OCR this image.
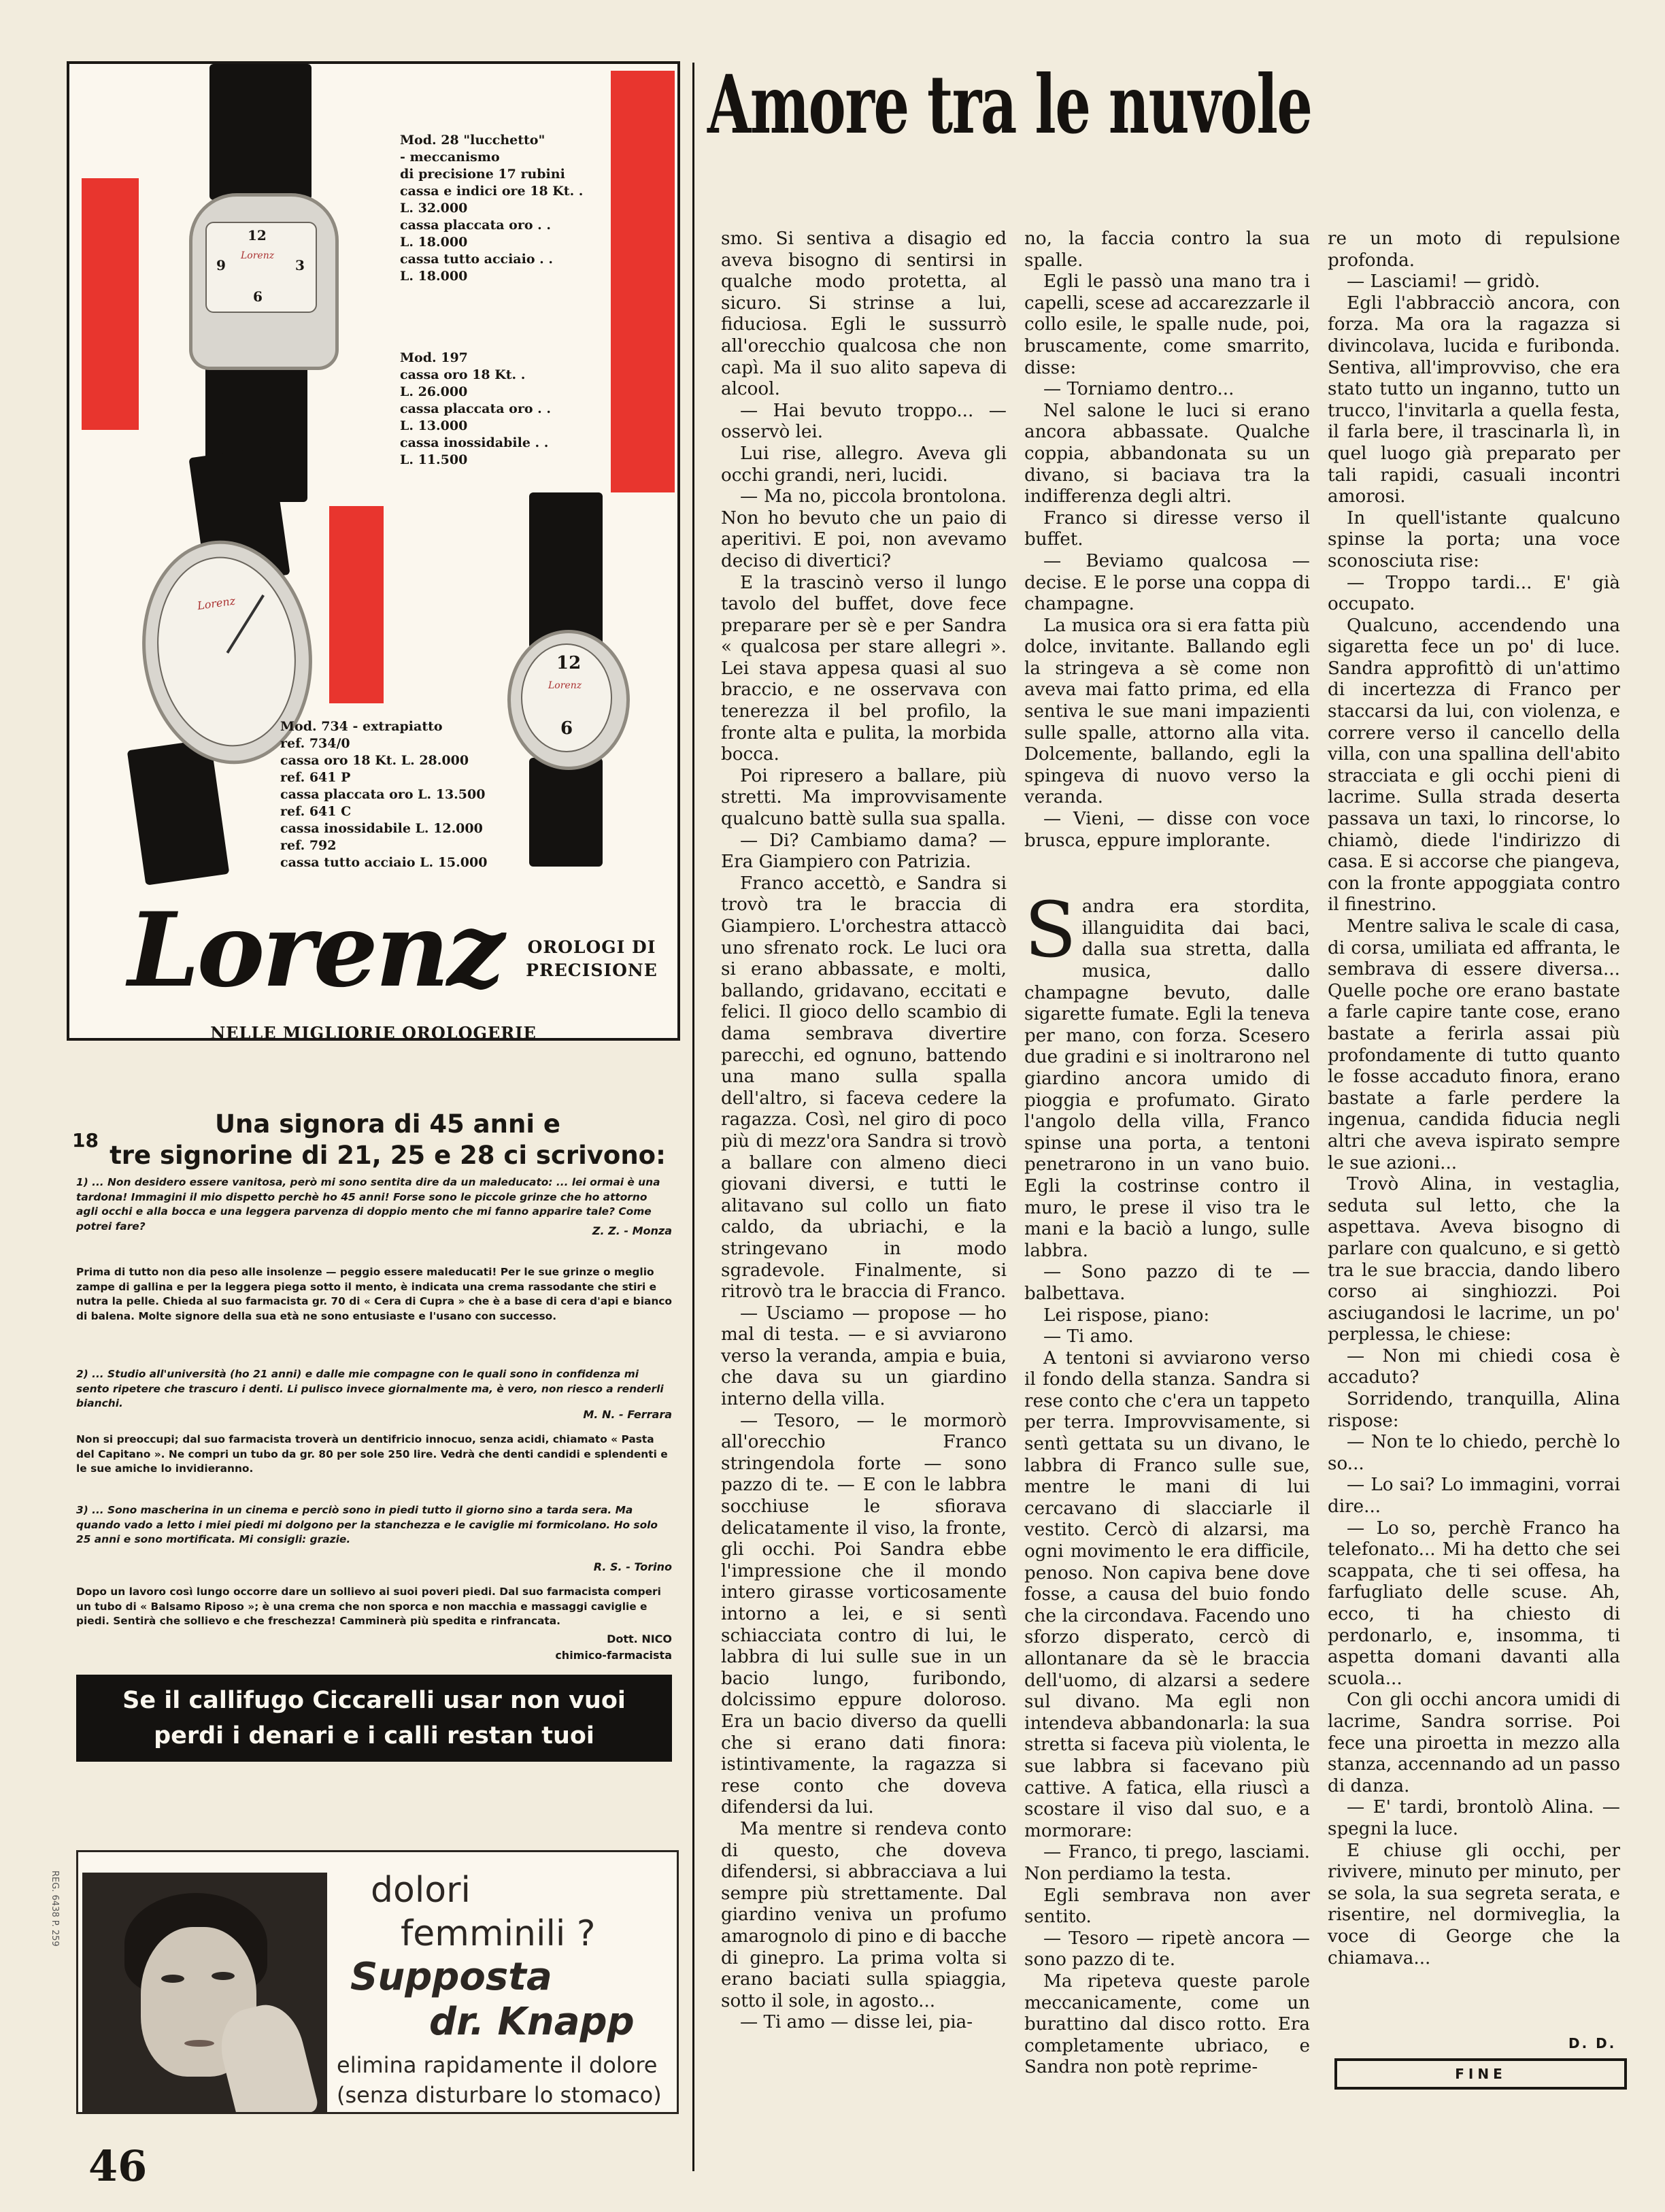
12
3
6
9
Lorenz
Mod. 28 "lucchetto"
- meccanismo
di precisione 17 rubini
cassa e indici ore 18 Kt. .
L. 32.000
cassa placcata oro . .
L. 18.000
cassa tutto acciaio . .
L. 18.000
Mod. 197
cassa oro 18 Kt. .
L. 26.000
cassa placcata oro . .
L. 13.000
cassa inossidabile . .
L. 11.500
Lorenz
12
6
Lorenz
Mod. 734 - extrapiatto
ref. 734/0
cassa oro 18 Kt. L. 28.000
ref. 641 P
cassa placcata oro L. 13.500
ref. 641 C
cassa inossidabile L. 12.000
ref. 792
cassa tutto acciaio L. 15.000
Lorenz	OROLOGI DI PRECISIONE
NELLE MIGLIORIE OROLOGERIE
18
Una signora di 45 anni e
tre signorine di 21, 25 e 28 ci scrivono:
1) ... Non desidero essere vanitosa, però mi sono sentita dire da un maleducato: ... lei ormai è una tardona! Immagini il mio dispetto perchè ho 45 anni! Forse sono le piccole grinze che ho attorno agli occhi e alla bocca e una leggera parvenza di doppio mento che mi fanno apparire tale? Come potrei fare?	Z. Z. - Monza
Prima di tutto non dia peso alle insolenze — peggio essere maleducati! Per le sue grinze o meglio zampe di gallina e per la leggera piega sotto il mento, è indicata una crema rassodante che stiri e nutra la pelle. Chieda al suo farmacista gr. 70 di « Cera di Cupra » che è a base di cera d'api e bianco di balena. Molte signore della sua età ne sono entusiaste e l'usano con successo.
2) ... Studio all'università (ho 21 anni) e dalle mie compagne con le quali sono in confidenza mi sento ripetere che trascuro i denti. Li pulisco invece giornalmente ma, è vero, non riesco a renderli bianchi.
M. N. - Ferrara
Non si preoccupi; dal suo farmacista troverà un dentifricio innocuo, senza acidi, chiamato « Pasta del Capitano ». Ne compri un tubo da gr. 80 per sole 250 lire. Vedrà che denti candidi e splendenti e le sue amiche lo invidieranno.
3) ... Sono mascherina in un cinema e perciò sono in piedi tutto il giorno sino a tarda sera. Ma quando vado a letto i miei piedi mi dolgono per la stanchezza e le caviglie mi formicolano. Ho solo 25 anni e sono mortificata. Mi consigli: grazie.
R. S. - Torino
Dopo un lavoro così lungo occorre dare un sollievo ai suoi poveri piedi. Dal suo farmacista comperi un tubo di « Balsamo Riposo »; è una crema che non sporca e non macchia e massaggi caviglie e piedi. Sentirà che sollievo e che freschezza! Camminerà più spedita e rinfrancata.
Dott. NICO
chimico-farmacista
Se il callifugo Ciccarelli usar non vuoi
perdi i denari e i calli restan tuoi
REG. 6438 P. 259	dolori
femminili ?
Supposta
dr. Knapp
elimina rapidamente il dolore
(senza disturbare lo stomaco)
46
Amore tra le nuvole

smo. Si sentiva a disagio ed aveva bisogno di sentirsi in qualche modo protetta, al sicuro. Si strinse a lui, fiduciosa. Egli le sussurrò all'orecchio qualcosa che non capì. Ma il suo alito sapeva di alcool.

— Hai bevuto troppo... — osservò lei.

Lui rise, allegro. Aveva gli occhi grandi, neri, lucidi.

— Ma no, piccola brontolona. Non ho bevuto che un paio di aperitivi. E poi, non avevamo deciso di divertici?

E la trascinò verso il lungo tavolo del buffet, dove fece preparare per sè e per Sandra « qualcosa per stare allegri ». Lei stava appesa quasi al suo braccio, e ne osservava con tenerezza il bel profilo, la fronte alta e pulita, la morbida bocca.

Poi ripresero a ballare, più stretti. Ma improvvisamente qualcuno battè sulla sua spalla.

— Di? Cambiamo dama? — Era Giampiero con Patrizia.

Franco accettò, e Sandra si trovò tra le braccia di Giampiero. L'orchestra attaccò uno sfrenato rock. Le luci ora si erano abbassate, e molti, ballando, gridavano, eccitati e felici. Il gioco dello scambio di dama sembrava divertire parecchi, ed ognuno, battendo una mano sulla spalla dell'altro, si faceva cedere la ragazza. Così, nel giro di poco più di mezz'ora Sandra si trovò a ballare con almeno dieci giovani diversi, e tutti le alitavano sul collo un fiato caldo, da ubriachi, e la stringevano in modo sgradevole. Finalmente, si ritrovò tra le braccia di Franco.

— Usciamo — propose — ho mal di testa. — e si avviarono verso la veranda, ampia e buia, che dava su un giardino interno della villa.

— Tesoro, — le mormorò all'orecchio Franco stringendola forte — sono pazzo di te. — E con le labbra socchiuse le sfiorava delicatamente il viso, la fronte, gli occhi. Poi Sandra ebbe l'impressione che il mondo intero girasse vorticosamente intorno a lei, e si sentì schiacciata contro di lui, le labbra di lui sulle sue in un bacio lungo, furibondo, dolcissimo eppure doloroso. Era un bacio diverso da quelli che si erano dati finora: istintivamente, la ragazza si rese conto che doveva difendersi da lui.

Ma mentre si rendeva conto di questo, che doveva difendersi, si abbracciava a lui sempre più strettamente. Dal giardino veniva un profumo amarognolo di pino e di bacche di ginepro. La prima volta si erano baciati sulla spiaggia, sotto il sole, in agosto...

— Ti amo — disse lei, pia-

no, la faccia contro la sua spalle.

Egli le passò una mano tra i capelli, scese ad accarezzarle il collo esile, le spalle nude, poi, bruscamente, come smarrito, disse:

— Torniamo dentro...

Nel salone le luci si erano ancora abbassate. Qualche coppia, abbandonata su un divano, si baciava tra la indifferenza degli altri.

Franco si diresse verso il buffet.

— Beviamo qualcosa — decise. E le porse una coppa di champagne.

La musica ora si era fatta più dolce, invitante. Ballando egli la stringeva a sè come non aveva mai fatto prima, ed ella sentiva le sue mani impazienti sulle spalle, attorno alla vita. Dolcemente, ballando, egli la spingeva di nuovo verso la veranda.

— Vieni, — disse con voce brusca, eppure implorante.

S andra era stordita, illanguidita dai baci, dalla sua stretta, dalla musica, dallo champagne bevuto, dalle sigarette fumate. Egli la teneva per mano, con forza. Scesero due gradini e si inoltrarono nel giardino ancora umido di pioggia e profumato. Girato l'angolo della villa, Franco spinse una porta, a tentoni penetrarono in un vano buio. Egli la costrinse contro il muro, le prese il viso tra le mani e la baciò a lungo, sulle labbra.

— Sono pazzo di te — balbettava.

Lei rispose, piano:

— Ti amo.

A tentoni si avviarono verso il fondo della stanza. Sandra si rese conto che c'era un tappeto per terra. Improvvisamente, si sentì gettata su un divano, le labbra di Franco sulle sue, mentre le mani di lui cercavano di slacciarle il vestito. Cercò di alzarsi, ma ogni movimento le era difficile, penoso. Non capiva bene dove fosse, a causa del buio fondo che la circondava. Facendo uno sforzo disperato, cercò di allontanare da sè le braccia dell'uomo, di alzarsi a sedere sul divano. Ma egli non intendeva abbandonarla: la sua stretta si faceva più violenta, le sue labbra si facevano più cattive. A fatica, ella riuscì a scostare il viso dal suo, e a mormorare:

— Franco, ti prego, lasciami. Non perdiamo la testa.

Egli sembrava non aver sentito.

— Tesoro — ripetè ancora — sono pazzo di te.

Ma ripeteva queste parole meccanicamente, come un burattino dal disco rotto. Era completamente ubriaco, e Sandra non potè reprime-

re un moto di repulsione profonda.

— Lasciami! — gridò.

Egli l'abbracciò ancora, con forza. Ma ora la ragazza si divincolava, lucida e furibonda. Sentiva, all'improvviso, che era stato tutto un inganno, tutto un trucco, l'invitarla a quella festa, il farla bere, il trascinarla lì, in quel luogo già preparato per tali rapidi, casuali incontri amorosi.

In quell'istante qualcuno spinse la porta; una voce sconosciuta rise:

— Troppo tardi... E' già occupato.

Qualcuno, accendendo una sigaretta fece un po' di luce. Sandra approfittò di un'attimo di incertezza di Franco per staccarsi da lui, con violenza, e correre verso il cancello della villa, con una spallina dell'abito stracciata e gli occhi pieni di lacrime. Sulla strada deserta passava un taxi, lo rincorse, lo chiamò, diede l'indirizzo di casa. E si accorse che piangeva, con la fronte appoggiata contro il finestrino.

Mentre saliva le scale di casa, di corsa, umiliata ed affranta, le sembrava di essere diversa... Quelle poche ore erano bastate a farle capire tante cose, erano bastate a ferirla assai più profondamente di tutto quanto le fosse accaduto finora, erano bastate a farle perdere la ingenua, candida fiducia negli altri che aveva ispirato sempre le sue azioni...

Trovò Alina, in vestaglia, seduta sul letto, che la aspettava. Aveva bisogno di parlare con qualcuno, e si gettò tra le sue braccia, dando libero corso ai singhiozzi. Poi asciugandosi le lacrime, un po' perplessa, le chiese:

— Non mi chiedi cosa è accaduto?

Sorridendo, tranquilla, Alina rispose:

— Non te lo chiedo, perchè lo so...

— Lo sai? Lo immagini, vorrai dire...

— Lo so, perchè Franco ha telefonato... Mi ha detto che sei scappata, che ti sei offesa, ha farfugliato delle scuse. Ah, ecco, ti ha chiesto di perdonarlo, e, insomma, ti aspetta domani davanti alla scuola...

Con gli occhi ancora umidi di lacrime, Sandra sorrise. Poi fece una piroetta in mezzo alla stanza, accennando ad un passo di danza.

— E' tardi, brontolò Alina. — spegni la luce.

E chiuse gli occhi, per rivivere, minuto per minuto, per se sola, la sua segreta serata, e risentire, nel dormiveglia, la voce di George che la chiamava...

D. D.
FINE
